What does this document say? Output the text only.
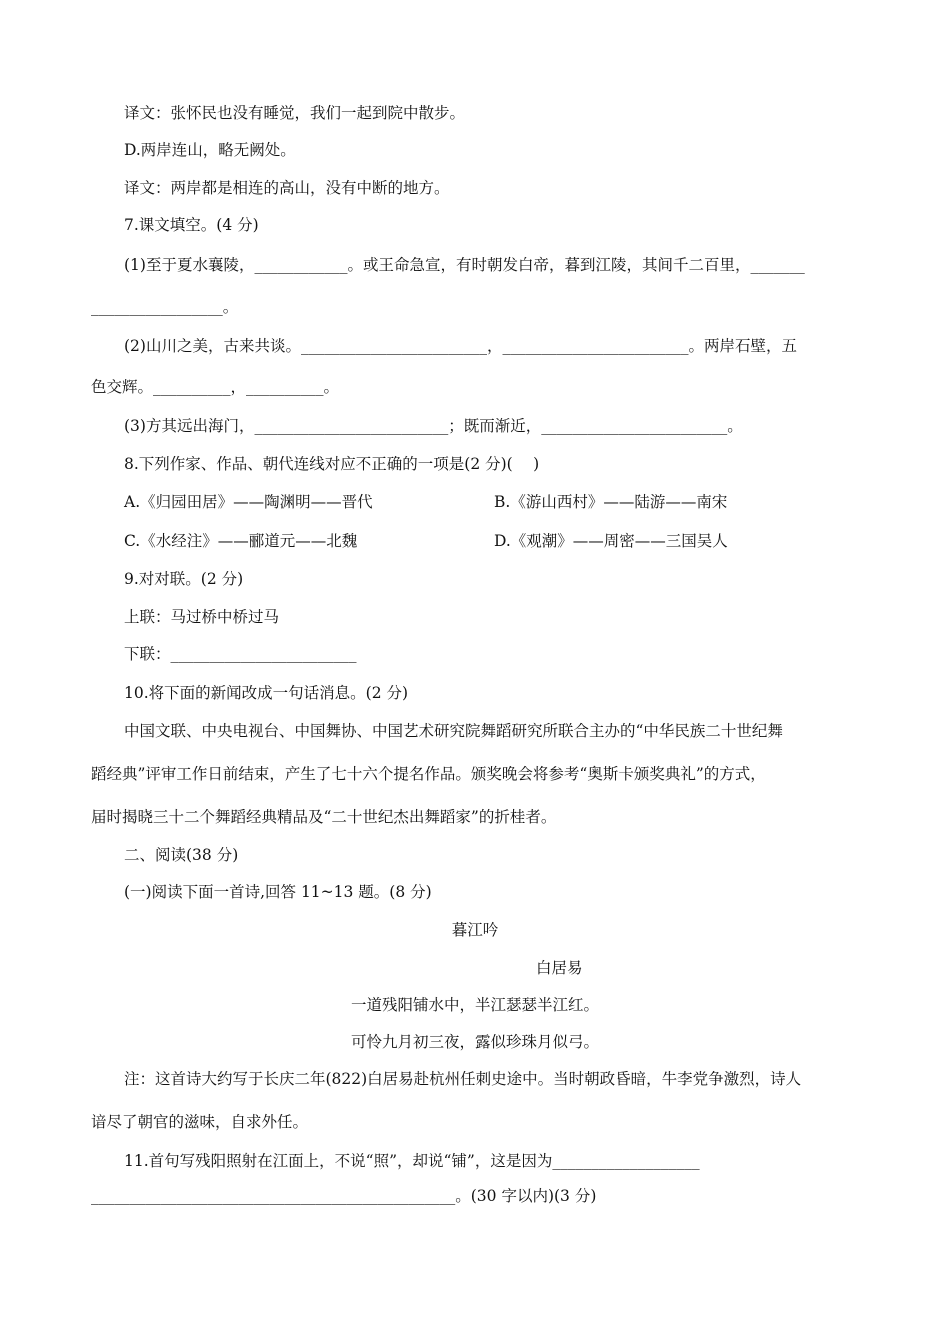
译文：张怀民也没有睡觉，我们一起到院中散步。
D.两岸连山，略无阙处。
译文：两岸都是相连的高山，没有中断的地方。
7.课文填空。(4 分)
(1)至于夏水襄陵，____________。或王命急宣，有时朝发白帝，暮到江陵，其间千二百里，_______
_________________。
(2)山川之美，古来共谈。________________________，________________________。两岸石壁，五
色交辉。__________，__________。
(3)方其远出海门，_________________________；既而渐近，________________________。
8.下列作家、作品、朝代连线对应不正确的一项是(2 分)(　 )
A.《归园田居》——陶渊明——晋代	B.《游山西村》——陆游——南宋
C.《水经注》——郦道元——北魏	D.《观潮》——周密——三国吴人
9.对对联。(2 分)
上联：马过桥中桥过马
下联：________________________
10.将下面的新闻改成一句话消息。(2 分)
中国文联、中央电视台、中国舞协、中国艺术研究院舞蹈研究所联合主办的“中华民族二十世纪舞
蹈经典”评审工作日前结束，产生了七十六个提名作品。颁奖晚会将参考“奥斯卡颁奖典礼”的方式，
届时揭晓三十二个舞蹈经典精品及“二十世纪杰出舞蹈家”的折桂者。
二、阅读(38 分)
(一)阅读下面一首诗,回答 11~13 题。(8 分)
暮江吟
白居易
一道残阳铺水中，半江瑟瑟半江红。
可怜九月初三夜，露似珍珠月似弓。
注：这首诗大约写于长庆二年(822)白居易赴杭州任刺史途中。当时朝政昏暗，牛李党争激烈，诗人
谙尽了朝官的滋味，自求外任。
11.首句写残阳照射在江面上，不说“照”，却说“铺”，这是因为___________________
_______________________________________________。(30 字以内)(3 分)
